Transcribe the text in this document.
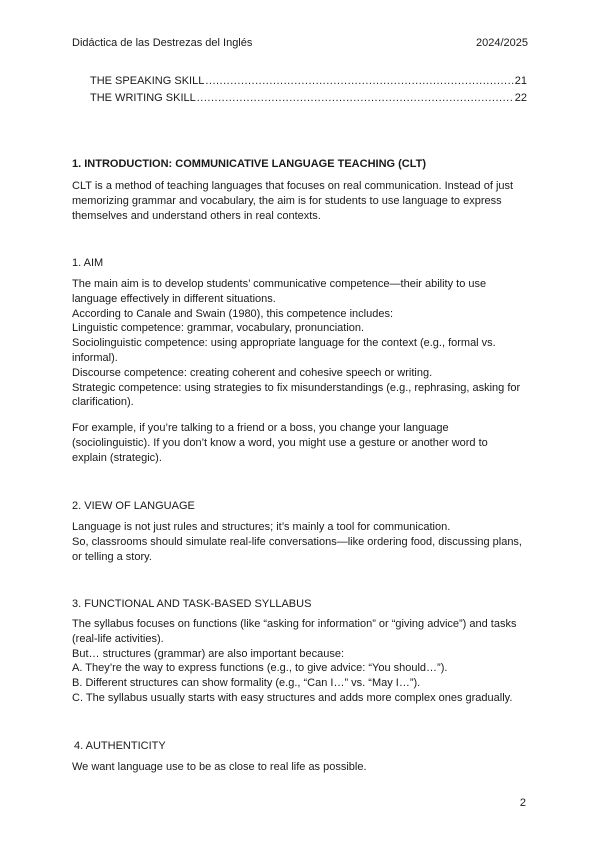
Didáctica de las Destrezas del Inglés	2024/2025
THE SPEAKING SKILL .....	21
THE WRITING SKILL .....	22
1. INTRODUCTION: COMMUNICATIVE LANGUAGE TEACHING (CLT)
CLT is a method of teaching languages that focuses on real communication. Instead of just
memorizing grammar and vocabulary, the aim is for students to use language to express
themselves and understand others in real contexts.
1. AIM
The main aim is to develop students’ communicative competence—their ability to use
language effectively in different situations.
According to Canale and Swain (1980), this competence includes:
Linguistic competence: grammar, vocabulary, pronunciation.
Sociolinguistic competence: using appropriate language for the context (e.g., formal vs.
informal).
Discourse competence: creating coherent and cohesive speech or writing.
Strategic competence: using strategies to fix misunderstandings (e.g., rephrasing, asking for
clarification).
For example, if you’re talking to a friend or a boss, you change your language
(sociolinguistic). If you don’t know a word, you might use a gesture or another word to
explain (strategic).
2. VIEW OF LANGUAGE
Language is not just rules and structures; it’s mainly a tool for communication.
So, classrooms should simulate real-life conversations—like ordering food, discussing plans,
or telling a story.
3. FUNCTIONAL AND TASK-BASED SYLLABUS
The syllabus focuses on functions (like “asking for information” or “giving advice”) and tasks
(real-life activities).
But… structures (grammar) are also important because:
A. They’re the way to express functions (e.g., to give advice: “You should…”).
B. Different structures can show formality (e.g., “Can I…” vs. “May I…”).
C. The syllabus usually starts with easy structures and adds more complex ones gradually.
4. AUTHENTICITY
We want language use to be as close to real life as possible.
2
